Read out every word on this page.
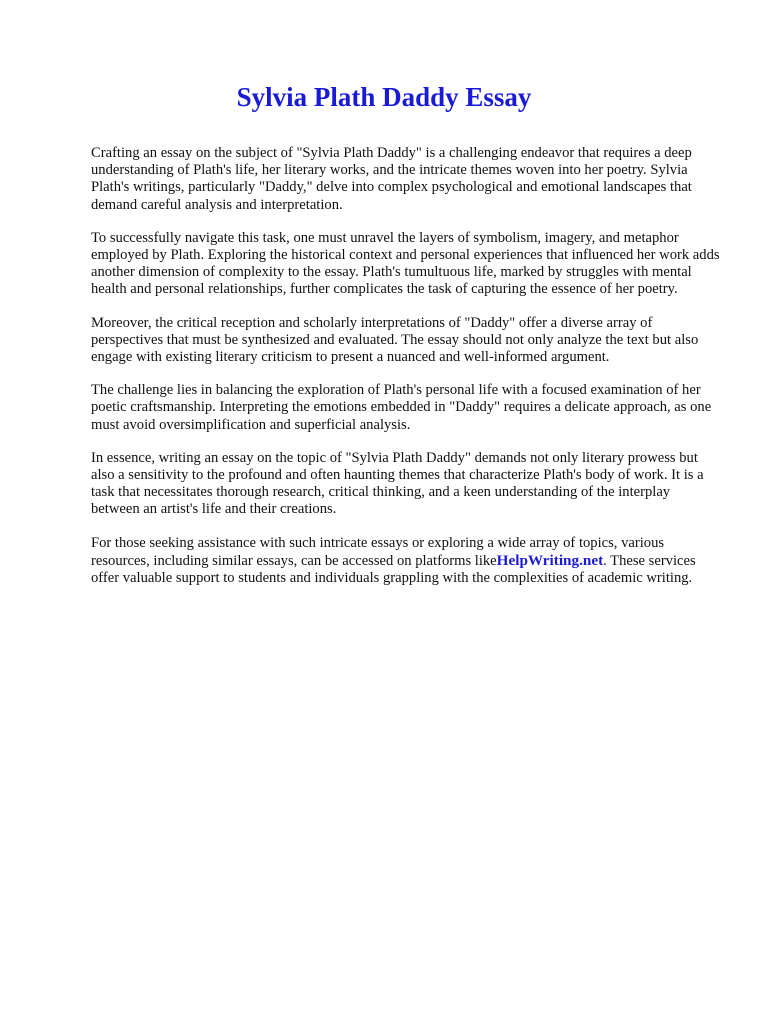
Sylvia Plath Daddy Essay

Crafting an essay on the subject of "Sylvia Plath Daddy" is a challenging endeavor that requires a deep understanding of Plath's life, her literary works, and the intricate themes woven into her poetry. Sylvia Plath's writings, particularly "Daddy," delve into complex psychological and emotional landscapes that demand careful analysis and interpretation.

To successfully navigate this task, one must unravel the layers of symbolism, imagery, and metaphor employed by Plath. Exploring the historical context and personal experiences that influenced her work adds another dimension of complexity to the essay. Plath's tumultuous life, marked by struggles with mental health and personal relationships, further complicates the task of capturing the essence of her poetry.

Moreover, the critical reception and scholarly interpretations of "Daddy" offer a diverse array of perspectives that must be synthesized and evaluated. The essay should not only analyze the text but also engage with existing literary criticism to present a nuanced and well-informed argument.

The challenge lies in balancing the exploration of Plath's personal life with a focused examination of her poetic craftsmanship. Interpreting the emotions embedded in "Daddy" requires a delicate approach, as one must avoid oversimplification and superficial analysis.

In essence, writing an essay on the topic of "Sylvia Plath Daddy" demands not only literary prowess but also a sensitivity to the profound and often haunting themes that characterize Plath's body of work. It is a task that necessitates thorough research, critical thinking, and a keen understanding of the interplay between an artist's life and their creations.

For those seeking assistance with such intricate essays or exploring a wide array of topics, various resources, including similar essays, can be accessed on platforms likeHelpWriting.net. These services offer valuable support to students and individuals grappling with the complexities of academic writing.
